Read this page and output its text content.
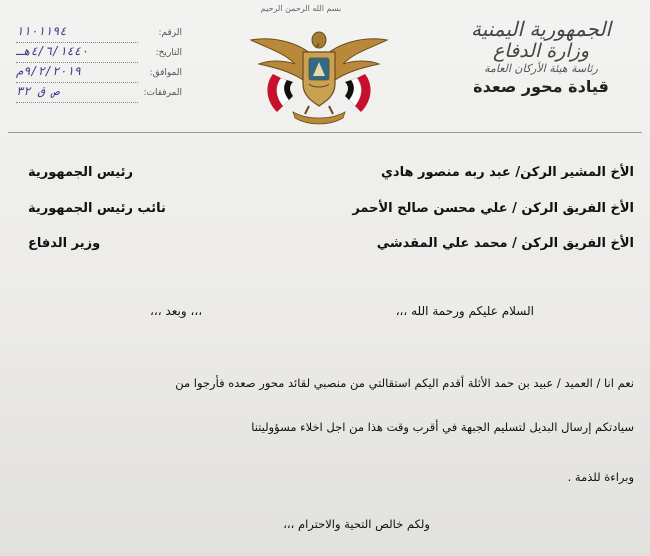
بسم الله الرحمن الرحيم
الجمهورية اليمنية
وزارة الدفاع
رئاسة هيئة الأركان العامة
قيادة محور صعدة
الرقم:
١١٠١١٩٤
التاريخ:
٤/٦/١٤٤٠هـ
الموافق:
٩/٢/٢٠١٩م
المرفقات:
ص ق ٣٢
الأخ المشير الركن/ عبد ربه منصور هادي
رئيس الجمهورية
الأخ الفريق الركن / علي محسن صالح الأحمر
نائب رئيس الجمهورية
الأخ الفريق الركن / محمد علي المقدشي
وزير الدفاع
السلام عليكم ورحمة الله ،،،
،،، وبعد ،،،
نعم انا / العميد / عبيد بن حمد الأثلة أقدم اليكم استقالتي من منصبي لقائد محور صعده فأرجوا من
سيادتكم إرسال البديل لتسليم الجبهة في أقرب وقت هذا من اجل اخلاء مسؤوليتنا
وبراءة للذمة .
ولكم خالص التحية والاحترام ،،،
